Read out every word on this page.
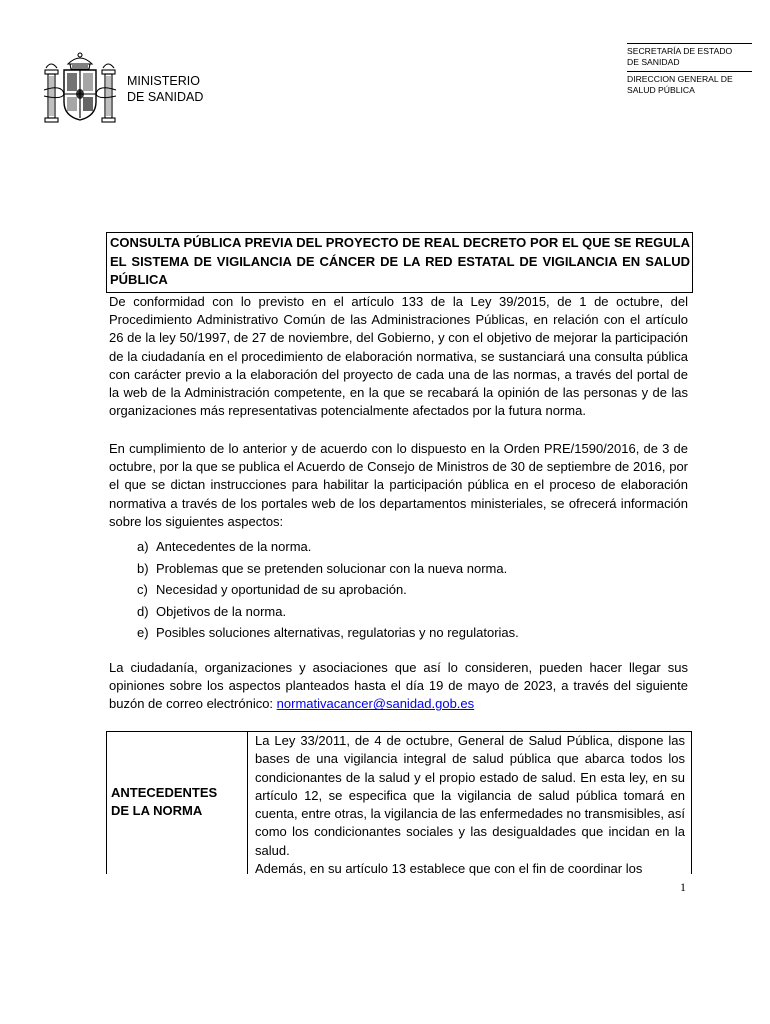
MINISTERIO
DE SANIDAD
SECRETARÍA DE ESTADO
DE SANIDAD
DIRECCION GENERAL DE
SALUD PÚBLICA
CONSULTA PÚBLICA PREVIA DEL PROYECTO DE REAL DECRETO POR EL QUE SE REGULA EL SISTEMA DE VIGILANCIA DE CÁNCER DE LA RED ESTATAL DE VIGILANCIA EN SALUD PÚBLICA
De conformidad con lo previsto en el artículo 133 de la Ley 39/2015, de 1 de octubre, del Procedimiento Administrativo Común de las Administraciones Públicas, en relación con el artículo 26 de la ley 50/1997, de 27 de noviembre, del Gobierno, y con el objetivo de mejorar la participación de la ciudadanía en el procedimiento de elaboración normativa, se sustanciará una consulta pública con carácter previo a la elaboración del proyecto de cada una de las normas, a través del portal de la web de la Administración competente, en la que se recabará la opinión de las personas y de las organizaciones más representativas potencialmente afectados por la futura norma.
En cumplimiento de lo anterior y de acuerdo con lo dispuesto en la Orden PRE/1590/2016, de 3 de octubre, por la que se publica el Acuerdo de Consejo de Ministros de 30 de septiembre de 2016, por el que se dictan instrucciones para habilitar la participación pública en el proceso de elaboración normativa a través de los portales web de los departamentos ministeriales, se ofrecerá información sobre los siguientes aspectos:
a) Antecedentes de la norma.
b) Problemas que se pretenden solucionar con la nueva norma.
c) Necesidad y oportunidad de su aprobación.
d) Objetivos de la norma.
e) Posibles soluciones alternativas, regulatorias y no regulatorias.
La ciudadanía, organizaciones y asociaciones que así lo consideren, pueden hacer llegar sus opiniones sobre los aspectos planteados hasta el día 19 de mayo de 2023, a través del siguiente buzón de correo electrónico: normativacancer@sanidad.gob.es
ANTECEDENTES
DE LA NORMA
La Ley 33/2011, de 4 de octubre, General de Salud Pública, dispone las bases de una vigilancia integral de salud pública que abarca todos los condicionantes de la salud y el propio estado de salud. En esta ley, en su artículo 12, se especifica que la vigilancia de salud pública tomará en cuenta, entre otras, la vigilancia de las enfermedades no transmisibles, así como los condicionantes sociales y las desigualdades que incidan en la salud.
Además, en su artículo 13 establece que con el fin de coordinar los
1
